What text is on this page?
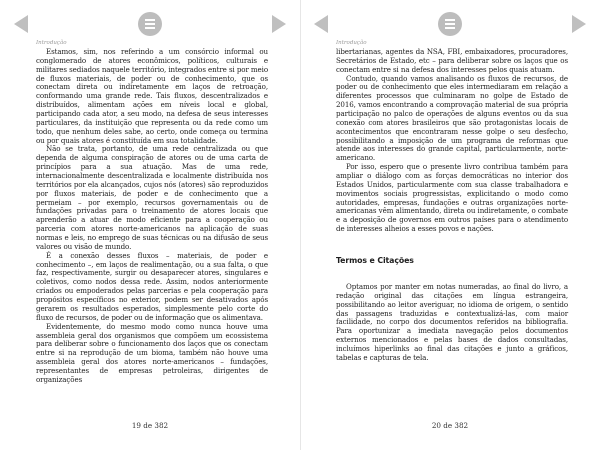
Introdução

Estamos, sim, nos referindo a um consórcio informal ou conglomerado de atores econômicos, políticos, culturais e militares sediados naquele território, integrados entre si por meio de fluxos materiais, de poder ou de conhecimento, que os conectam direta ou indiretamente em laços de retroação, conformando uma grande rede. Tais fluxos, descentralizados e distribuídos, alimentam ações em níveis local e global, participando cada ator, a seu modo, na defesa de seus interesses particulares, da instituição que representa ou da rede como um todo, que nenhum deles sabe, ao certo, onde começa ou termina ou por quais atores é constituída em sua totalidade.

Não se trata, portanto, de uma rede centralizada ou que dependa de alguma conspiração de atores ou de uma carta de princípios para a sua atuação. Mas de uma rede, internacionalmente descentralizada e localmente distribuída nos territórios por ela alcançados, cujos nós (atores) são reproduzidos por fluxos materiais, de poder e de conhecimento que a permeiam – por exemplo, recursos governamentais ou de fundações privadas para o treinamento de atores locais que aprenderão a atuar de modo eficiente para a cooperação ou parceria com atores norte-americanos na aplicação de suas normas e leis, no emprego de suas técnicas ou na difusão de seus valores ou visão de mundo.

É a conexão desses fluxos – materiais, de poder e conhecimento –, em laços de realimentação, ou a sua falta, o que faz, respectivamente, surgir ou desaparecer atores, singulares e coletivos, como nodos dessa rede. Assim, nodos anteriormente criados ou empoderados pelas parcerias e pela cooperação para propósitos específicos no exterior, podem ser desativados após gerarem os resultados esperados, simplesmente pelo corte do fluxo de recursos, de poder ou de informação que os alimentava.

Evidentemente, do mesmo modo como nunca houve uma assembleia geral dos organismos que compõem um ecossistema para deliberar sobre o funcionamento dos laços que os conectam entre si na reprodução de um bioma, também não houve uma assembleia geral dos atores norte-americanos – fundações, representantes de empresas petroleiras, dirigentes de organizações

19 de 382
Introdução

libertarianas, agentes da NSA, FBI, embaixadores, procuradores, Secretários de Estado, etc – para deliberar sobre os laços que os conectam entre si na defesa dos interesses pelos quais atuam.

Contudo, quando vamos analisando os fluxos de recursos, de poder ou de conhecimento que eles intermediaram em relação a diferentes processos que culminaram no golpe de Estado de 2016, vamos encontrando a comprovação material de sua própria participação no palco de operações de alguns eventos ou da sua conexão com atores brasileiros que são protagonistas locais de acontecimentos que encontraram nesse golpe o seu desfecho, possibilitando a imposição de um programa de reformas que atende aos interesses do grande capital, particularmente, norte-americano.

Por isso, espero que o presente livro contribua também para ampliar o diálogo com as forças democráticas no interior dos Estados Unidos, particularmente com sua classe trabalhadora e movimentos sociais progressistas, explicitando o modo como autoridades, empresas, fundações e outras organizações norte-americanas vêm alimentando, direta ou indiretamente, o combate e a deposição de governos em outros países para o atendimento de interesses alheios a esses povos e nações.

Termos e Citações

Optamos por manter em notas numeradas, ao final do livro, a redação original das citações em língua estrangeira, possibilitando ao leitor averiguar, no idioma de origem, o sentido das passagens traduzidas e contextualizá-las, com maior facilidade, no corpo dos documentos referidos na bibliografia. Para oportunizar a imediata navegação pelos documentos externos mencionados e pelas bases de dados consultadas, incluímos hiperlinks ao final das citações e junto a gráficos, tabelas e capturas de tela.

20 de 382
